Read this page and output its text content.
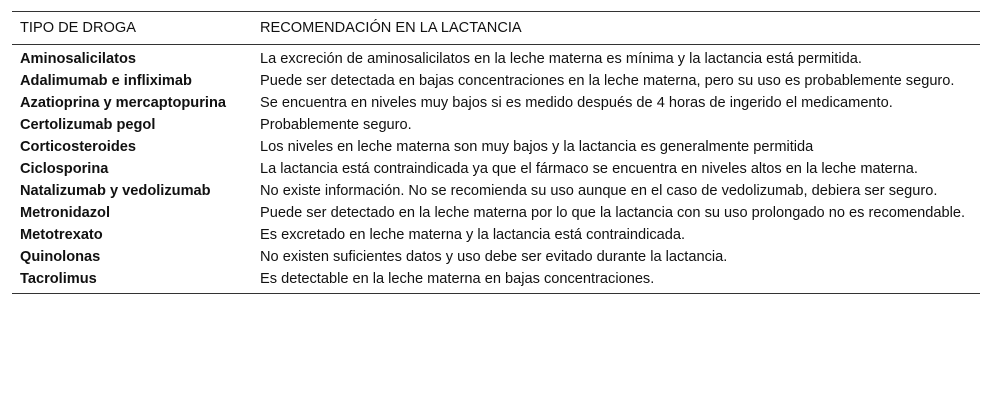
TIPO DE DROGA	RECOMENDACIÓN EN LA LACTANCIA
Aminosalicilatos	La excreción de aminosalicilatos en la leche materna es mínima y la lactancia está permitida.
Adalimumab e infliximab	Puede ser detectada en bajas concentraciones en la leche materna, pero su uso es probablemente seguro.
Azatioprina y mercaptopurina	Se encuentra en niveles muy bajos si es medido después de 4 horas de ingerido el medicamento.
Certolizumab pegol	Probablemente seguro.
Corticosteroides	Los niveles en leche materna son muy bajos y la lactancia es generalmente permitida
Ciclosporina	La lactancia está contraindicada ya que el fármaco se encuentra en niveles altos en la leche materna.
Natalizumab y vedolizumab	No existe información. No se recomienda su uso aunque en el caso de vedolizumab, debiera ser seguro.
Metronidazol	Puede ser detectado en la leche materna por lo que la lactancia con su uso prolongado no es recomendable.
Metotrexato	Es excretado en leche materna y la lactancia está contraindicada.
Quinolonas	No existen suficientes datos y uso debe ser evitado durante la lactancia.
Tacrolimus	Es detectable en la leche materna en bajas concentraciones.
